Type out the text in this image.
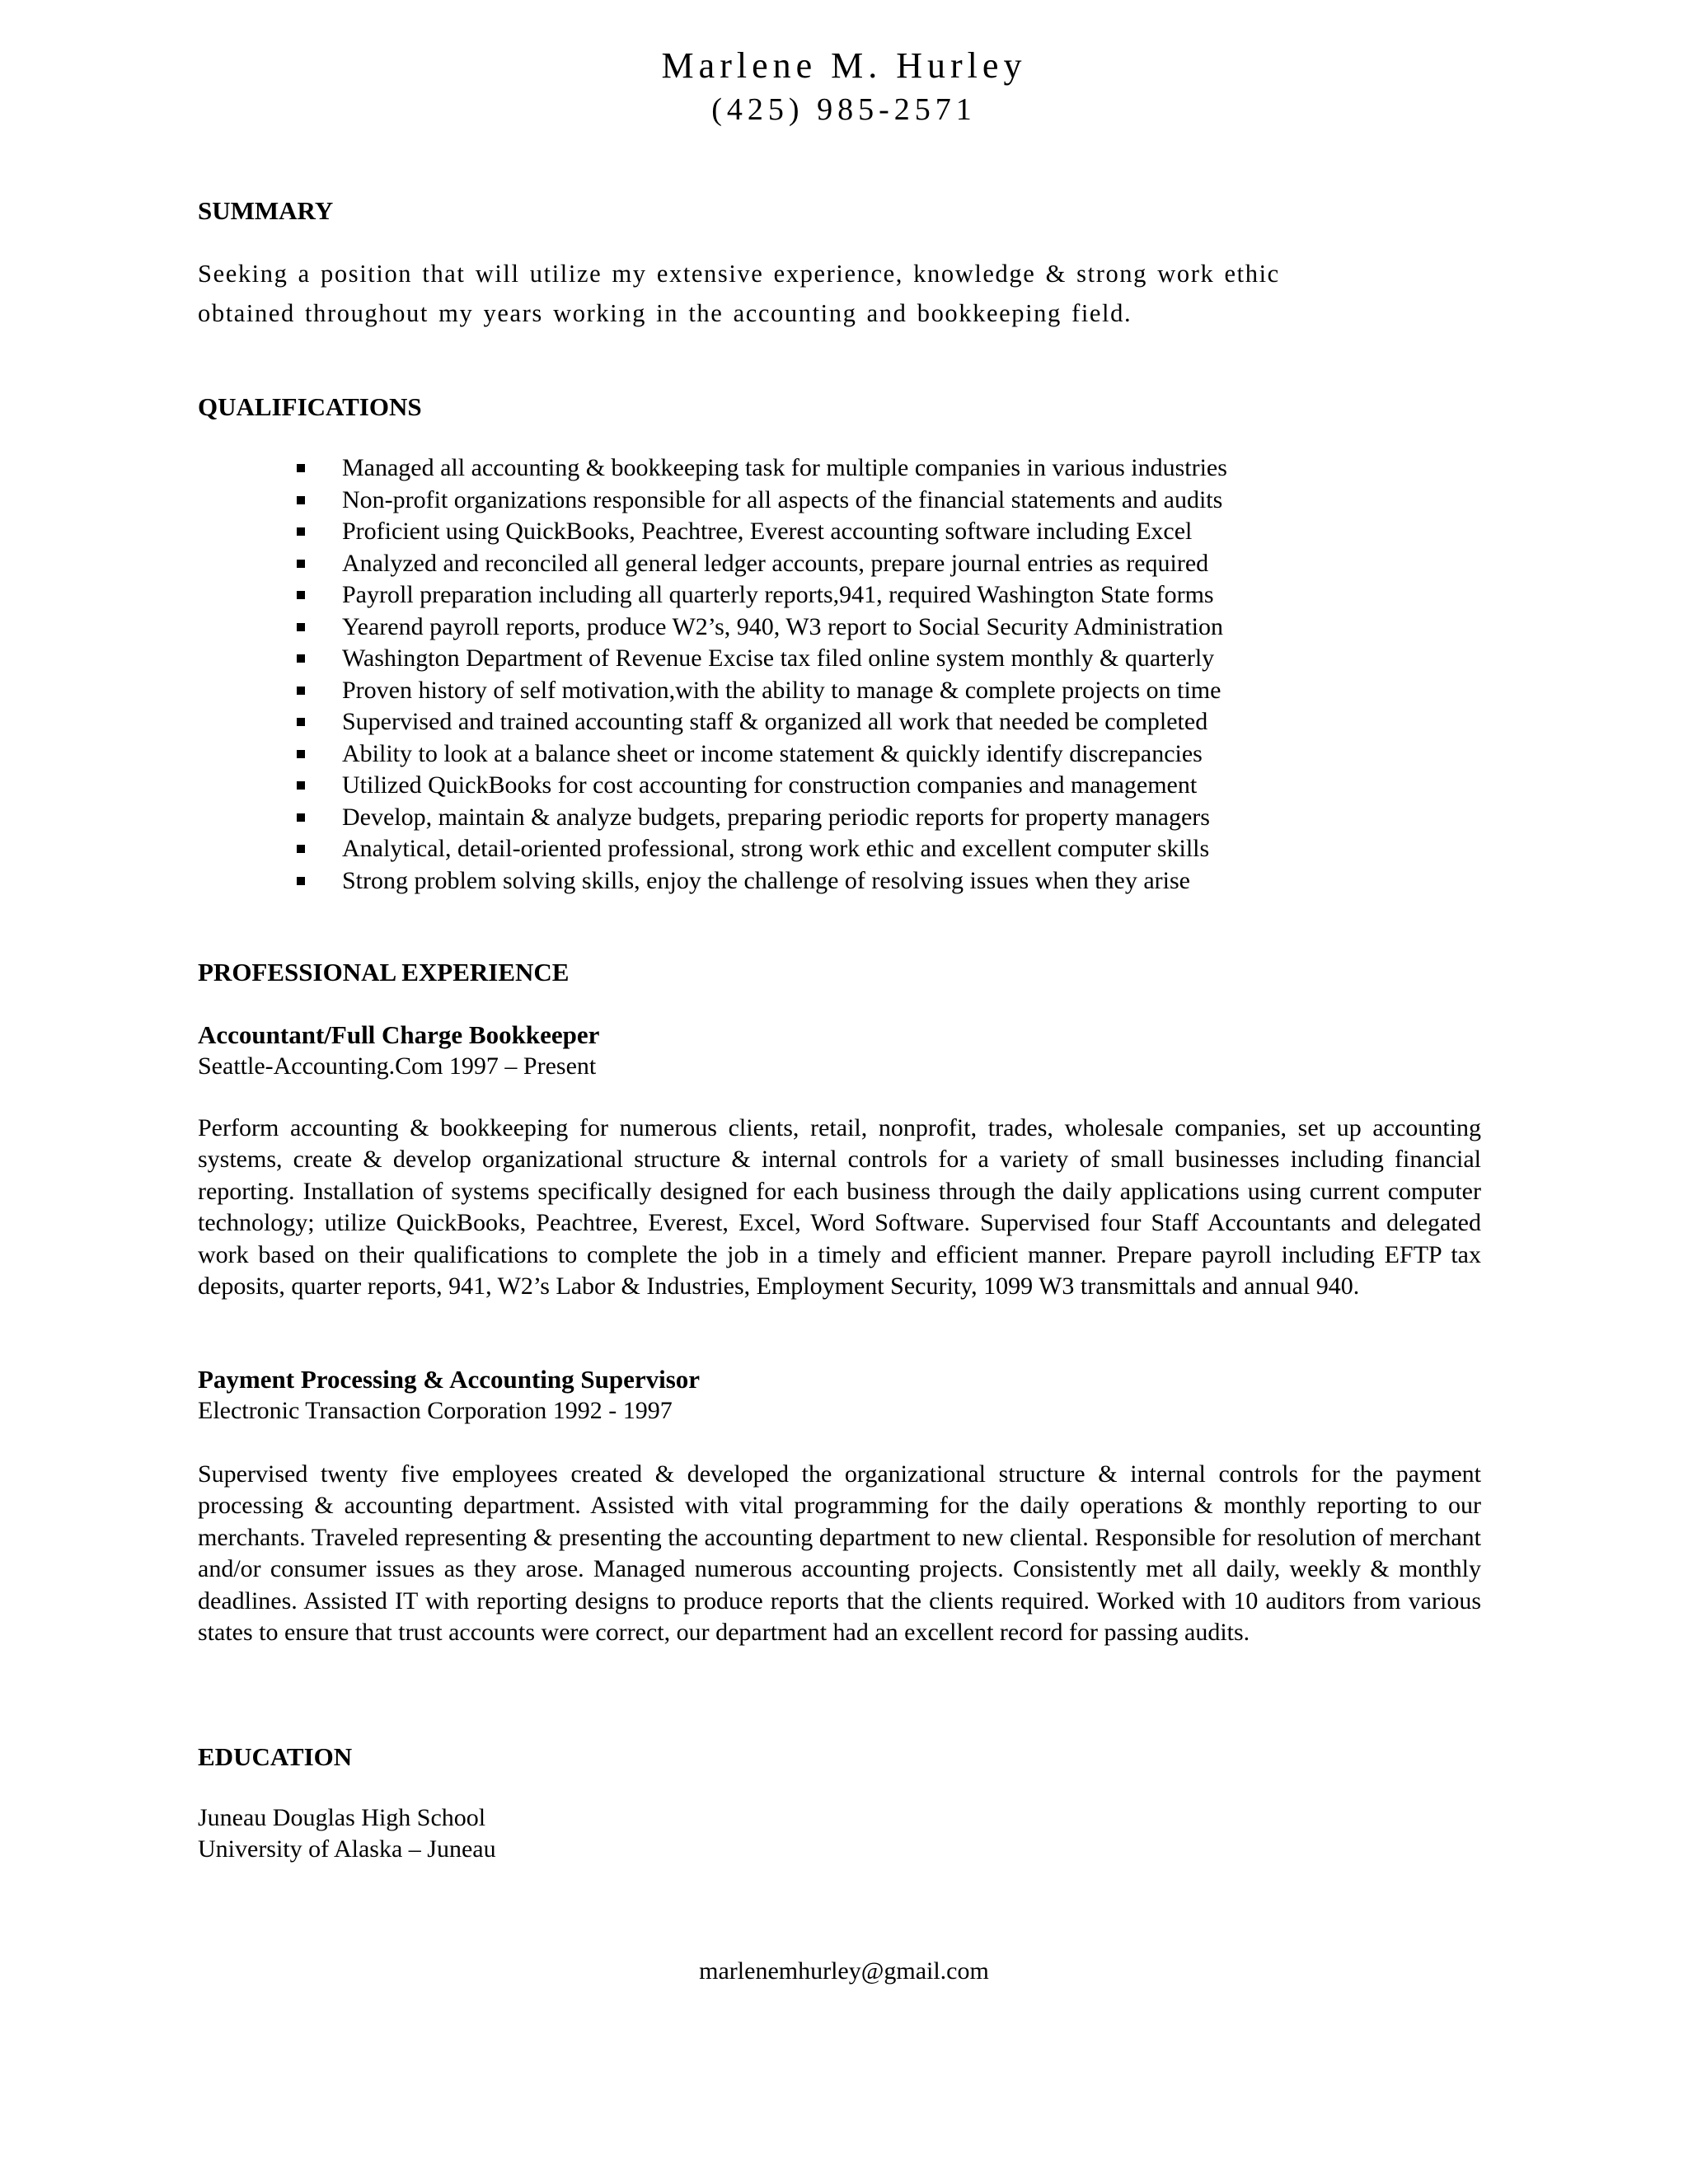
Marlene M. Hurley
(425) 985-2571
SUMMARY
Seeking a position that will utilize my extensive experience, knowledge & strong work ethic obtained throughout my years working in the accounting and bookkeeping field.
QUALIFICATIONS
Managed all accounting & bookkeeping task for multiple companies in various industries
Non-profit organizations responsible for all aspects of the financial statements and audits
Proficient using QuickBooks, Peachtree, Everest accounting software including Excel
Analyzed and reconciled all general ledger accounts, prepare journal entries as required
Payroll preparation including all quarterly reports,941, required Washington State forms
Yearend payroll reports, produce W2’s, 940, W3 report to Social Security Administration
Washington Department of Revenue Excise tax filed online system monthly & quarterly
Proven history of self motivation,with the ability to manage & complete projects on time
Supervised and trained accounting staff & organized all work that needed be completed
Ability to look at a balance sheet or income statement & quickly identify discrepancies
Utilized QuickBooks for cost accounting for construction companies and management
Develop, maintain & analyze budgets, preparing periodic reports for property managers
Analytical, detail-oriented professional, strong work ethic and excellent computer skills
Strong problem solving skills, enjoy the challenge of resolving issues when they arise
PROFESSIONAL EXPERIENCE
Accountant/Full Charge Bookkeeper
Seattle-Accounting.Com 1997 – Present
Perform accounting & bookkeeping for numerous clients, retail, nonprofit, trades, wholesale companies, set up accounting systems, create & develop organizational structure & internal controls for a variety of small businesses including financial reporting. Installation of systems specifically designed for each business through the daily applications using current computer technology; utilize QuickBooks, Peachtree, Everest, Excel, Word Software. Supervised four Staff Accountants and delegated work based on their qualifications to complete the job in a timely and efficient manner. Prepare payroll including EFTP tax deposits, quarter reports, 941, W2’s Labor & Industries, Employment Security, 1099 W3 transmittals and annual 940.
Payment Processing & Accounting Supervisor
Electronic Transaction Corporation 1992 - 1997
Supervised twenty five employees created & developed the organizational structure & internal controls for the payment processing & accounting department. Assisted with vital programming for the daily operations & monthly reporting to our merchants. Traveled representing & presenting the accounting department to new cliental. Responsible for resolution of merchant and/or consumer issues as they arose. Managed numerous accounting projects. Consistently met all daily, weekly & monthly deadlines. Assisted IT with reporting designs to produce reports that the clients required. Worked with 10 auditors from various states to ensure that trust accounts were correct, our department had an excellent record for passing audits.
EDUCATION
Juneau Douglas High School
University of Alaska – Juneau
marlenemhurley@gmail.com
